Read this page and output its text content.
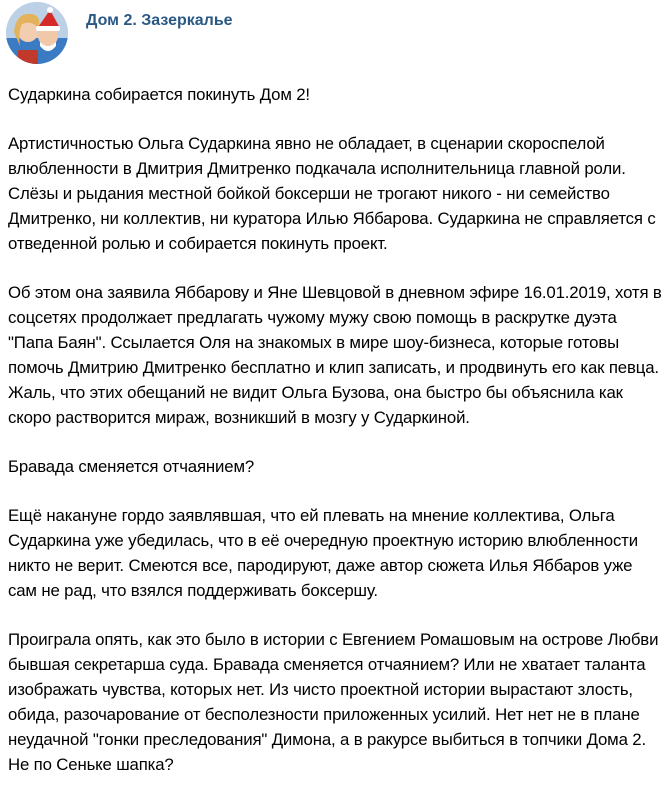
Дом 2. Зазеркалье

Сударкина собирается покинуть Дом 2!

Артистичностью Ольга Сударкина явно не обладает, в сценарии скороспелой влюбленности в Дмитрия Дмитренко подкачала исполнительница главной роли. Слёзы и рыдания местной бойкой боксерши не трогают никого - ни семейство Дмитренко, ни коллектив, ни куратора Илью Яббарова. Сударкина не справляется с отведенной ролью и собирается покинуть проект.

Об этом она заявила Яббарову и Яне Шевцовой в дневном эфире 16.01.2019, хотя в соцсетях продолжает предлагать чужому мужу свою помощь в раскрутке дуэта "Папа Баян". Ссылается Оля на знакомых в мире шоу-бизнеса, которые готовы помочь Дмитрию Дмитренко бесплатно и клип записать, и продвинуть его как певца. Жаль, что этих обещаний не видит Ольга Бузова, она быстро бы объяснила как скоро растворится мираж, возникший в мозгу у Сударкиной.

Бравада сменяется отчаянием?

Ещё накануне гордо заявлявшая, что ей плевать на мнение коллектива, Ольга Сударкина уже убедилась, что в её очередную проектную историю влюбленности никто не верит. Смеются все, пародируют, даже автор сюжета Илья Яббаров уже сам не рад, что взялся поддерживать боксершу.

Проиграла опять, как это было в истории с Евгением Ромашовым на острове Любви бывшая секретарша суда. Бравада сменяется отчаянием? Или не хватает таланта изображать чувства, которых нет. Из чисто проектной истории вырастают злость, обида, разочарование от бесполезности приложенных усилий. Нет нет не в плане неудачной "гонки преследования" Димона, а в ракурсе выбиться в топчики Дома 2. Не по Сеньке шапка?
